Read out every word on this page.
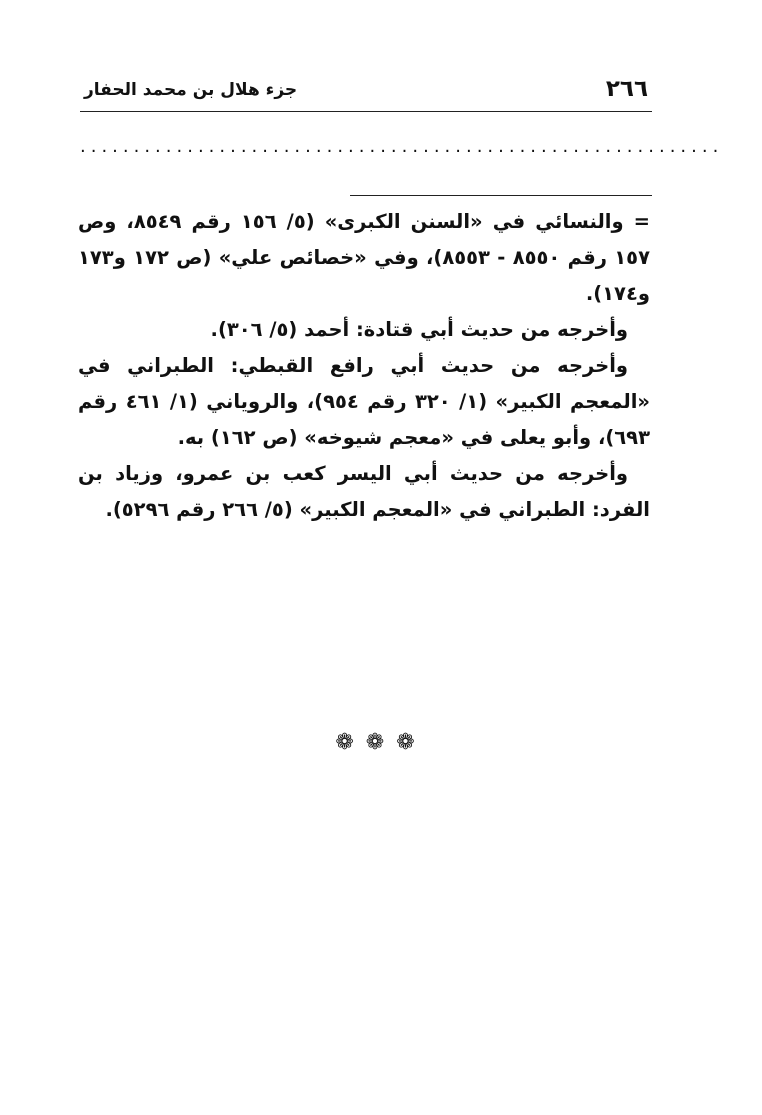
٢٦٦
جزء هلال بن محمد الحفار
............................................................

= والنسائي في «السنن الكبرى» (٥/ ١٥٦ رقم ٨٥٤٩، وص ١٥٧ رقم ٨٥٥٠ - ٨٥٥٣)، وفي «خصائص علي» (ص ١٧٢ و١٧٣ و١٧٤).

وأخرجه من حديث أبي قتادة: أحمد (٥/ ٣٠٦).

وأخرجه من حديث أبي رافع القبطي: الطبراني في «المعجم الكبير» (١/ ٣٢٠ رقم ٩٥٤)، والروياني (١/ ٤٦١ رقم ٦٩٣)، وأبو يعلى في «معجم شيوخه» (ص ١٦٢) به.

وأخرجه من حديث أبي اليسر كعب بن عمرو، وزياد بن الفرد: الطبراني في «المعجم الكبير» (٥/ ٢٦٦ رقم ٥٢٩٦).

❁❁❁
